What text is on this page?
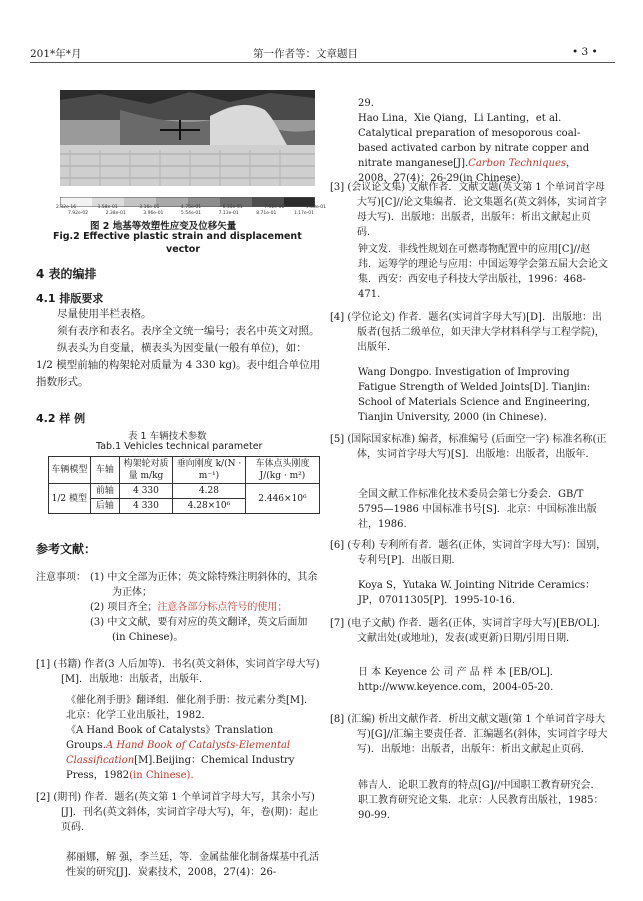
201*年*月	第一作者等：文章题目	• 3 •
2.32e-16	1.58e-01	3.16e-01	4.75e-01	6.33e-01	7.92e-01	9.50e-01
7.92e-02	2.38e-01	3.96e-01	5.54e-01	7.13e-01	8.71e-01	1.17e-01
图 2 地基等效塑性应变及位移矢量
Fig.2 Effective plastic strain and displacement
vector
4 表的编排
4.1 排版要求
尽量使用半栏表格。
须有表序和表名。表序全文统一编号；表名中英文对照。
纵表头为自变量，横表头为因变量(一般有单位)，如：1/2 模型前轴的构架轮对质量为 4 330 kg)。表中组合单位用指数形式。
4.2 样 例
表 1 车辆技术参数
Tab.1 Vehicles technical parameter
车辆模型	车轴	构架轮对质量 m/kg	垂向刚度 k/(N · m⁻¹)	车体点头刚度 J/(kg · m²)
1/2 模型	前轴	4 330	4.28	2.446×10⁶
	后轴	4 330	4.28×10⁶	
参考文献：
注意事项： (1) 中文全部为正体；英文除特殊注明斜体的，其余为正体；
(2) 项目齐全；注意各部分标点符号的使用；
(3) 中文文献，要有对应的英文翻译，英文后面加(in Chinese)。

[1] (书籍) 作者(3 人后加等)．书名(英文斜体，实词首字母大写)[M]．出版地：出版者，出版年．

《催化剂手册》翻译组．催化剂手册：按元素分类[M]．北京：化学工业出版社，1982．

《A Hand Book of Catalysts》Translation Groups.A Hand Book of Catalysts-Elemental Classification[M].Beijing：Chemical Industry Press，1982(in Chinese).

[2] (期刊) 作者．题名(英文第 1 个单词首字母大写，其余小写)[J]．刊名(英文斜体，实词首字母大写)，年，卷(期)：起止页码．

郝丽娜，解 强，李兰廷，等．金属盐催化制备煤基中孔活性炭的研究[J]．炭素技术，2008，27(4)：26-

29.

Hao Lina，Xie Qiang，Li Lanting，et al. Catalytical preparation of mesoporous coal-based activated carbon by nitrate copper and nitrate manganese[J].Carbon Techniques，2008，27(4)：26-29(in Chinese).

[3] (会议论文集) 文献作者．文献文题(英文第 1 个单词首字母大写)[C]//论文集编者．论文集题名(英文斜体，实词首字母大写)．出版地：出版者，出版年：析出文献起止页码．

钟文发．非线性规划在可燃毒物配置中的应用[C]//赵玮．运筹学的理论与应用：中国运筹学会第五届大会论文集．西安：西安电子科技大学出版社，1996：468-471.

[4] (学位论文) 作者．题名(实词首字母大写)[D]．出版地：出版者(包括二级单位，如天津大学材料科学与工程学院)，出版年．

Wang Dongpo. Investigation of Improving Fatigue Strength of Welded Joints[D]. Tianjin: School of Materials Science and Engineering, Tianjin University, 2000 (in Chinese).

[5] (国际国家标准) 编者，标准编号 (后面空一字) 标准名称(正体，实词首字母大写)[S]．出版地：出版者，出版年．

全国文献工作标准化技术委员会第七分委会．GB/T 5795—1986 中国标准书号[S]．北京：中国标准出版社，1986.

[6] (专利) 专利所有者．题名(正体，实词首字母大写)：国别，专利号[P]．出版日期．

Koya S，Yutaka W. Jointing Nitride Ceramics：JP，07011305[P]．1995-10-16.

[7] (电子文献) 作者．题名(正体，实词首字母大写)[EB/OL]．文献出处(或地址)，发表(或更新)日期/引用日期．

日 本 Keyence 公 司 产 品 样 本 [EB/OL]．http://www.keyence.com，2004-05-20.

[8] (汇编) 析出文献作者．析出文献文题(第 1 个单词首字母大写)[G]//汇编主要责任者．汇编题名(斜体，实词首字母大写)．出版地：出版者，出版年：析出文献起止页码．

韩吉人．论职工教育的特点[G]//中国职工教育研究会．职工教育研究论文集．北京：人民教育出版社，1985：90-99.
